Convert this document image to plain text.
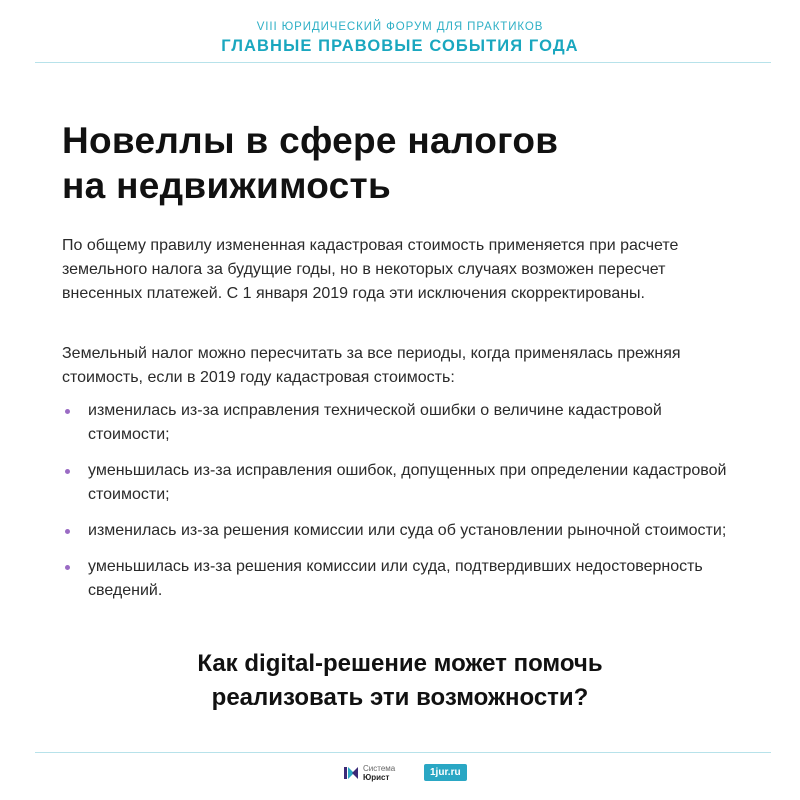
VIII ЮРИДИЧЕСКИЙ ФОРУМ ДЛЯ ПРАКТИКОВ
ГЛАВНЫЕ ПРАВОВЫЕ СОБЫТИЯ ГОДА
Новеллы в сфере налогов
на недвижимость

По общему правилу измененная кадастровая стоимость применяется при расчете земельного налога за будущие годы, но в некоторых случаях возможен пересчет внесенных платежей. С 1 января 2019 года эти исключения скорректированы.

Земельный налог можно пересчитать за все периоды, когда применялась прежняя стоимость, если в 2019 году кадастровая стоимость:

изменилась из-за исправления технической ошибки о величине кадастровой стоимости;
уменьшилась из-за исправления ошибок, допущенных при определении кадастровой стоимости;
изменилась из-за решения комиссии или суда об установлении рыночной стоимости;
уменьшилась из-за решения комиссии или суда, подтвердивших недостоверность сведений.
Как digital-решение может помочь
реализовать эти возможности?
Система
Юрист	1jur.ru
